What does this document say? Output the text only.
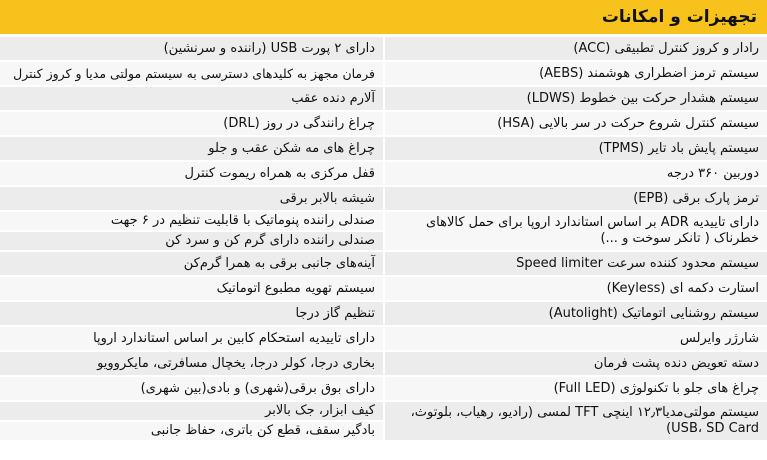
تجهیزات و امکانات
رادار و کروز کنترل تطبیقی (ACC)
دارای ۲ پورت USB (راننده و سرنشین)
سیستم ترمز اضطراری هوشمند (AEBS)
فرمان مجهز به کلیدهای دسترسی به سیستم مولتی مدیا و کروز کنترل
سیستم هشدار حرکت بین خطوط (LDWS)
آلارم دنده عقب
سیستم کنترل شروع حرکت در سر بالایی (HSA)
چراغ رانندگی در روز (DRL)
سیستم پایش باد تایر (TPMS)
چراغ های مه شکن عقب و جلو
دوربین ۳۶۰ درجه
قفل مرکزی به همراه ریموت کنترل
ترمز پارک برقی (EPB)
شیشه بالابر برقی
دارای تاییدیه ADR بر اساس استاندارد اروپا برای حمل کالاهای خطرناک ( تانکر سوخت و ...)
صندلی راننده پنوماتیک با قابلیت تنظیم در ۶ جهت
صندلی راننده دارای گرم کن و سرد کن
سیستم محدود کننده سرعت Speed limiter
آینه‌های جانبی برقی به همرا گرم‌کن
استارت دکمه ای (Keyless)
سیستم تهویه مطبوع اتوماتیک
سیستم روشنایی اتوماتیک (Autolight)
تنظیم گاز درجا
شارژر وایرلس
دارای تاییدیه استحکام کابین بر اساس استاندارد اروپا
دسته تعویض دنده پشت فرمان
بخاری درجا، کولر درجا، یخچال مسافرتی، مایکروویو
چراغ های جلو با تکنولوژی (Full LED)
دارای بوق برقی(شهری) و بادی(بین شهری)
سیستم مولتی‌مدیا۱۲٫۳ اینچی TFT لمسی (رادیو، رهیاب، بلوتوث، USB، SD Card)
کیف ابزار، جک بالابر
بادگیر سقف، قطع کن باتری، حفاظ جانبی
